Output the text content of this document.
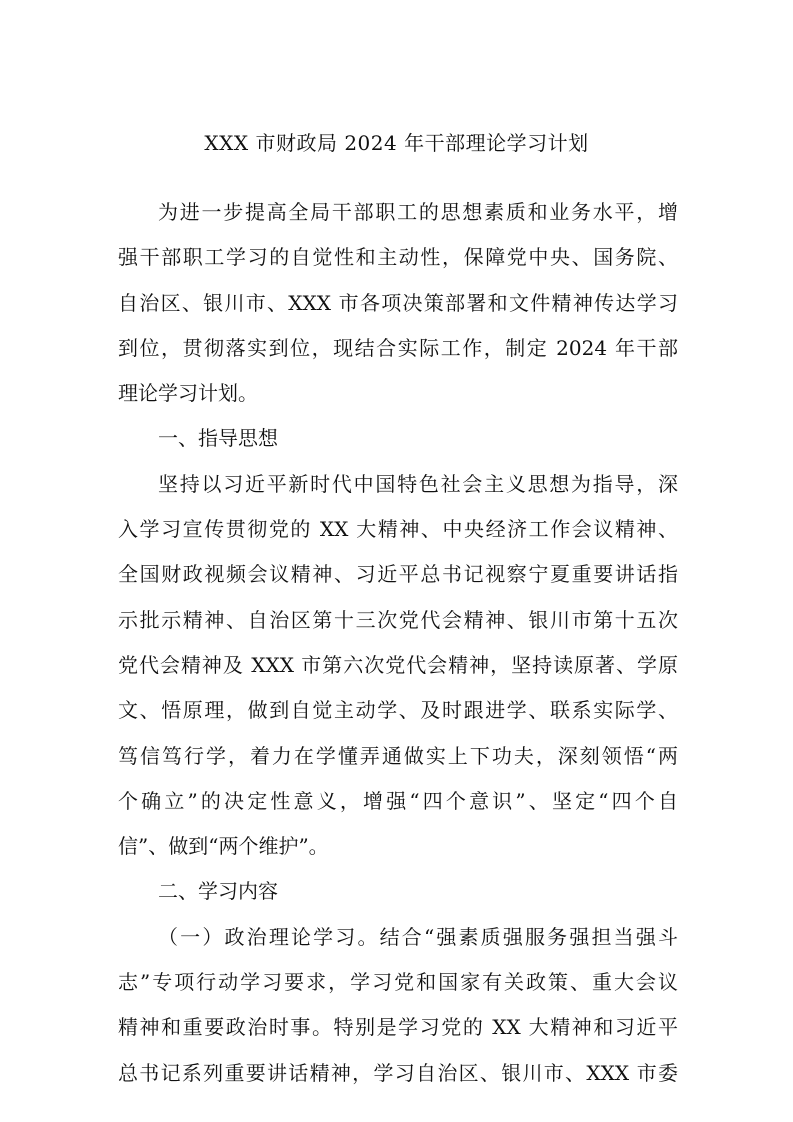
XXX 市财政局 2024 年干部理论学习计划
为进一步提高全局干部职工的思想素质和业务水平，增
强干部职工学习的自觉性和主动性，保障党中央、国务院、
自治区、银川市、XXX 市各项决策部署和文件精神传达学习
到位，贯彻落实到位，现结合实际工作，制定 2024 年干部
理论学习计划。
一、指导思想
坚持以习近平新时代中国特色社会主义思想为指导，深
入学习宣传贯彻党的 XX 大精神、中央经济工作会议精神、
全国财政视频会议精神、习近平总书记视察宁夏重要讲话指
示批示精神、自治区第十三次党代会精神、银川市第十五次
党代会精神及 XXX 市第六次党代会精神，坚持读原著、学原
文、悟原理，做到自觉主动学、及时跟进学、联系实际学、
笃信笃行学，着力在学懂弄通做实上下功夫，深刻领悟“两
个确立”的决定性意义，增强“四个意识”、坚定“四个自
信”、做到“两个维护”。
二、学习内容
（一）政治理论学习。结合“强素质强服务强担当强斗
志”专项行动学习要求，学习党和国家有关政策、重大会议
精神和重要政治时事。特别是学习党的 XX 大精神和习近平
总书记系列重要讲话精神，学习自治区、银川市、XXX 市委
